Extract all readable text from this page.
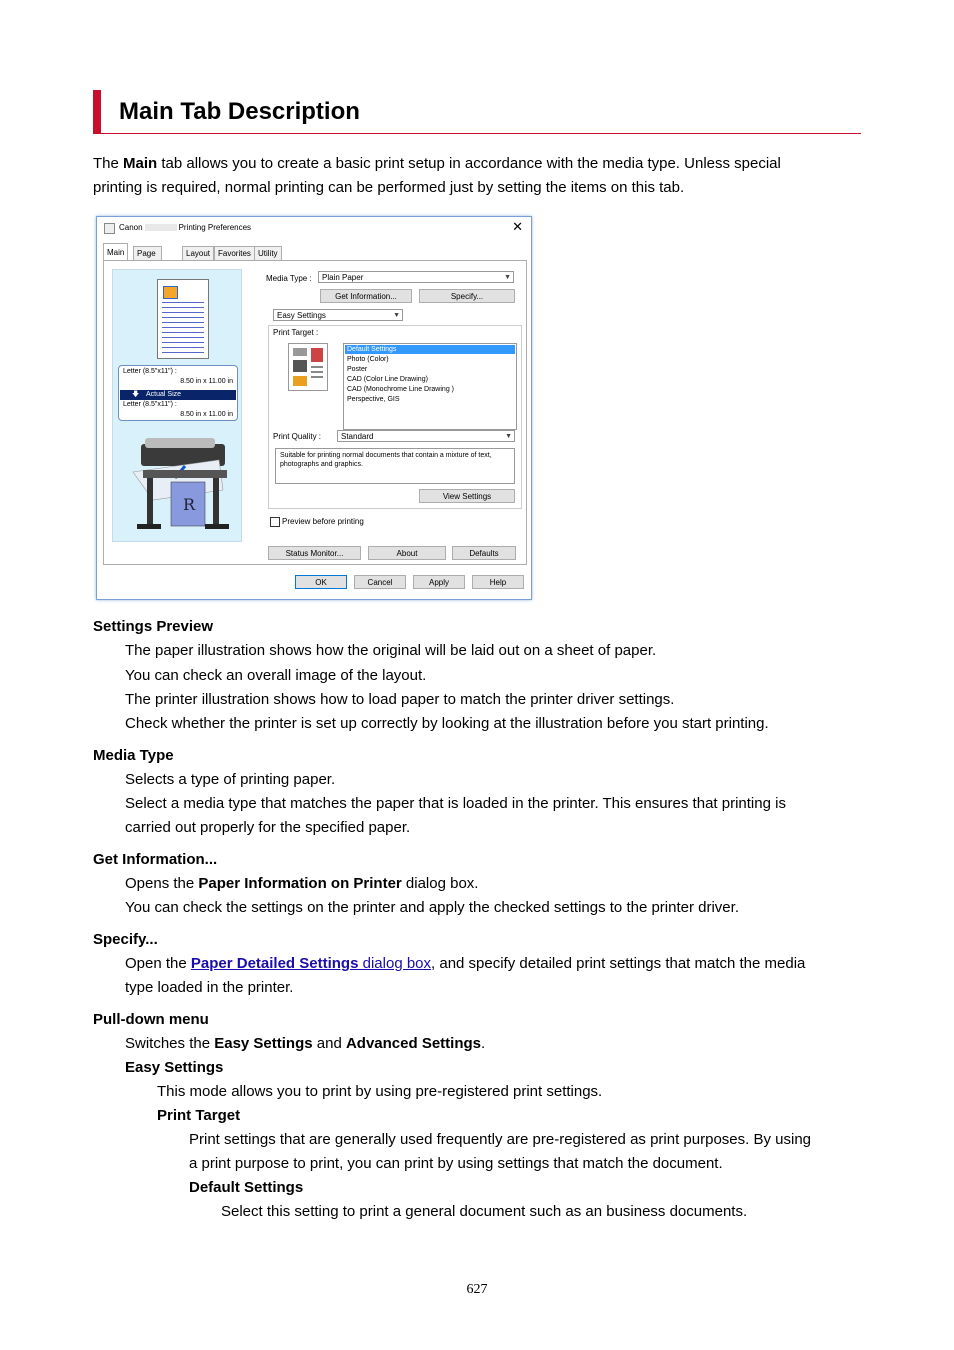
Main Tab Description

The Main tab allows you to create a basic print setup in accordance with the media type. Unless special

printing is required, normal printing can be performed just by setting the items on this tab.

Canon	Printing Preferences	✕
Main	Page	Layout Favorites Utility
Letter (8.5"x11") :
8.50 in x 11.00 in
🡇 Actual Size
Letter (8.5"x11") :
8.50 in x 11.00 in
R
Media Type :	Plain Paper	▼
Get Information...	Specify...
Easy Settings	▼
Print Target :
Default Settings
Photo (Color)
Poster
CAD (Color Line Drawing)
CAD (Monochrome Line Drawing )
Perspective, GIS
Print Quality :	Standard	▼
Suitable for printing normal documents that contain a mixture of text, photographs and graphics.
View Settings
Preview before printing
Status Monitor...	About	Defaults
OK	Cancel	Apply	Help

Settings Preview

The paper illustration shows how the original will be laid out on a sheet of paper.

You can check an overall image of the layout.

The printer illustration shows how to load paper to match the printer driver settings.

Check whether the printer is set up correctly by looking at the illustration before you start printing.

Media Type

Selects a type of printing paper.

Select a media type that matches the paper that is loaded in the printer. This ensures that printing is

carried out properly for the specified paper.

Get Information...

Opens the Paper Information on Printer dialog box.

You can check the settings on the printer and apply the checked settings to the printer driver.

Specify...

Open the Paper Detailed Settings dialog box, and specify detailed print settings that match the media

type loaded in the printer.

Pull-down menu

Switches the Easy Settings and Advanced Settings.

Easy Settings

This mode allows you to print by using pre-registered print settings.

Print Target

Print settings that are generally used frequently are pre-registered as print purposes. By using

a print purpose to print, you can print by using settings that match the document.

Default Settings

Select this setting to print a general document such as an business documents.

627
